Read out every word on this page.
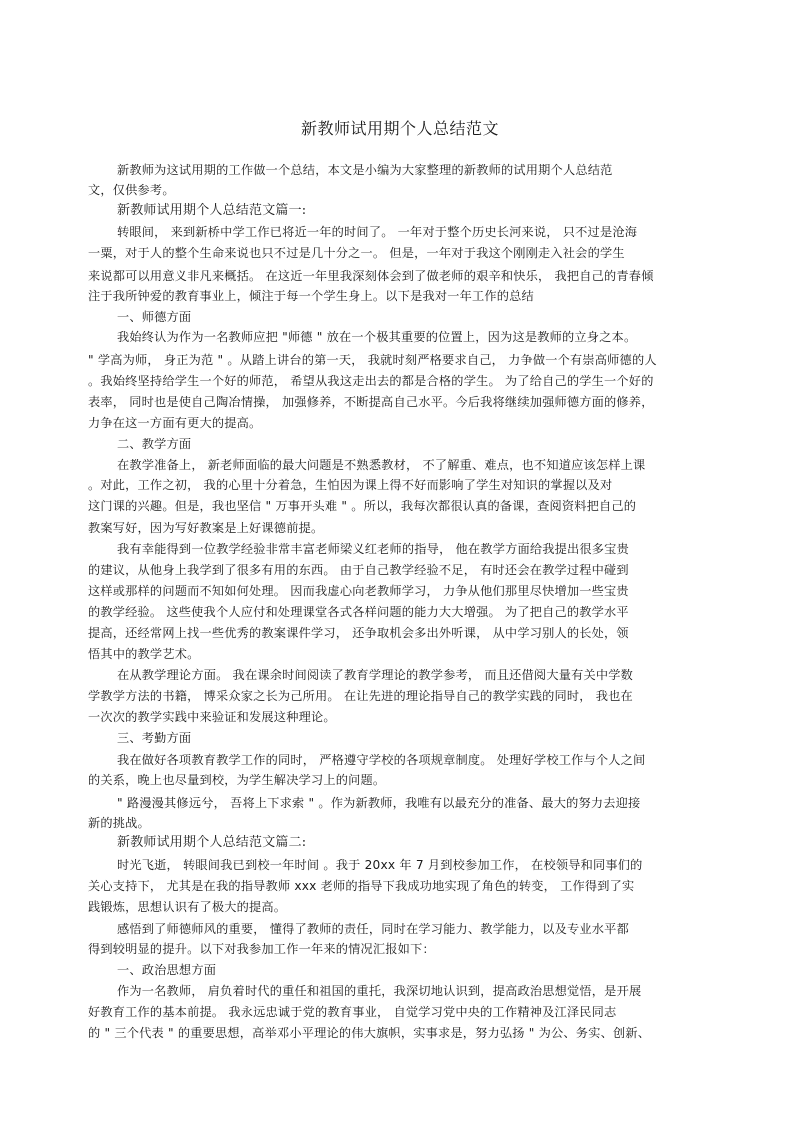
新教师试用期个人总结范文
新教师为这试用期的工作做一个总结，本文是小编为大家整理的新教师的试用期个人总结范
文，仅供参考。
新教师试用期个人总结范文篇一:
转眼间， 来到新桥中学工作已将近一年的时间了。 一年对于整个历史长河来说， 只不过是沧海
一粟，对于人的整个生命来说也只不过是几十分之一。 但是，一年对于我这个刚刚走入社会的学生
来说都可以用意义非凡来概括。 在这近一年里我深刻体会到了做老师的艰辛和快乐， 我把自己的青春倾
注于我所钟爱的教育事业上，倾注于每一个学生身上。以下是我对一年工作的总结
一、师德方面
我始终认为作为一名教师应把 "师德 " 放在一个极其重要的位置上，因为这是教师的立身之本。
" 学高为师， 身正为范 " 。从踏上讲台的第一天， 我就时刻严格要求自己， 力争做一个有崇高师德的人
。我始终坚持给学生一个好的师范， 希望从我这走出去的都是合格的学生。 为了给自己的学生一个好的
表率， 同时也是使自己陶冶情操， 加强修养，不断提高自己水平。今后我将继续加强师德方面的修养，
力争在这一方面有更大的提高。
二、教学方面
在教学准备上， 新老师面临的最大问题是不熟悉教材， 不了解重、难点，也不知道应该怎样上课
。对此，工作之初， 我的心里十分着急，生怕因为课上得不好而影响了学生对知识的掌握以及对
这门课的兴趣。但是，我也坚信 " 万事开头难 " 。所以，我每次都很认真的备课，查阅资料把自己的
教案写好，因为写好教案是上好课德前提。
我有幸能得到一位教学经验非常丰富老师梁义红老师的指导， 他在教学方面给我提出很多宝贵
的建议，从他身上我学到了很多有用的东西。 由于自己教学经验不足， 有时还会在教学过程中碰到
这样或那样的问题而不知如何处理。 因而我虚心向老教师学习， 力争从他们那里尽快增加一些宝贵
的教学经验。 这些使我个人应付和处理课堂各式各样问题的能力大大增强。 为了把自己的教学水平
提高，还经常网上找一些优秀的教案课件学习， 还争取机会多出外听课， 从中学习别人的长处，领
悟其中的教学艺术。
在从教学理论方面。 我在课余时间阅读了教育学理论的教学参考， 而且还借阅大量有关中学数
学教学方法的书籍， 博采众家之长为己所用。 在让先进的理论指导自己的教学实践的同时， 我也在
一次次的教学实践中来验证和发展这种理论。
三、考勤方面
我在做好各项教育教学工作的同时， 严格遵守学校的各项规章制度。 处理好学校工作与个人之间
的关系，晚上也尽量到校，为学生解决学习上的问题。
" 路漫漫其修远兮， 吾将上下求索 " 。作为新教师，我唯有以最充分的准备、最大的努力去迎接
新的挑战。
新教师试用期个人总结范文篇二:
时光飞逝， 转眼间我已到校一年时间 。我于 20xx 年 7 月到校参加工作， 在校领导和同事们的
关心支持下， 尤其是在我的指导教师 xxx 老师的指导下我成功地实现了角色的转变， 工作得到了实
践锻炼，思想认识有了极大的提高。
感悟到了师德师风的重要， 懂得了教师的责任，同时在学习能力、教学能力，以及专业水平都
得到较明显的提升。以下对我参加工作一年来的情况汇报如下：
一、政治思想方面
作为一名教师， 肩负着时代的重任和祖国的重托，我深切地认识到，提高政治思想觉悟，是开展
好教育工作的基本前提。 我永远忠诚于党的教育事业， 自觉学习党中央的工作精神及江泽民同志
的 " 三个代表 " 的重要思想，高举邓小平理论的伟大旗帜，实事求是，努力弘扬 " 为公、务实、创新、
